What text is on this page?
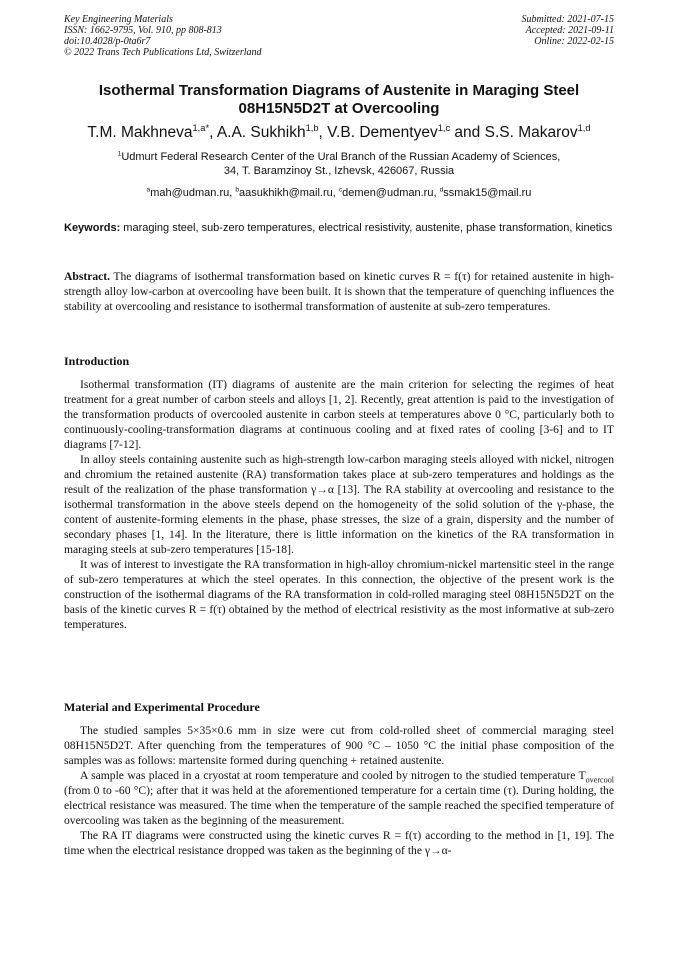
Key Engineering Materials
ISSN: 1662-9795, Vol. 910, pp 808-813
doi:10.4028/p-0ta6r7
© 2022 Trans Tech Publications Ltd, Switzerland
Submitted: 2021-07-15
Accepted: 2021-09-11
Online: 2022-02-15
Isothermal Transformation Diagrams of Austenite in Maraging Steel
08H15N5D2T at Overcooling
T.M. Makhneva$^{1,a*}$, A.A. Sukhikh$^{1,b}$, V.B. Dementyev$^{1,c}$ and S.S. Makarov$^{1,d}$
$^1$Udmurt Federal Research Center of the Ural Branch of the Russian Academy of Sciences,
34, T. Baramzinoy St., Izhevsk, 426067, Russia
$^a$mah@udman.ru, $^b$aasukhikh@mail.ru, $^c$demen@udman.ru, $^d$ssmak15@mail.ru
Keywords: maraging steel, sub-zero temperatures, electrical resistivity, austenite, phase transformation, kinetics

Abstract. The diagrams of isothermal transformation based on kinetic curves R = f(τ) for retained austenite in high-strength alloy low-carbon at overcooling have been built. It is shown that the temperature of quenching influences the stability at overcooling and resistance to isothermal transformation of austenite at sub-zero temperatures.

Introduction

Isothermal transformation (IT) diagrams of austenite are the main criterion for selecting the regimes of heat treatment for a great number of carbon steels and alloys [1, 2]. Recently, great attention is paid to the investigation of the transformation products of overcooled austenite in carbon steels at temperatures above 0 °C, particularly both to continuously-cooling-transformation diagrams at continuous cooling and at fixed rates of cooling [3-6] and to IT diagrams [7-12].

In alloy steels containing austenite such as high-strength low-carbon maraging steels alloyed with nickel, nitrogen and chromium the retained austenite (RA) transformation takes place at sub-zero temperatures and holdings as the result of the realization of the phase transformation γ→α [13]. The RA stability at overcooling and resistance to the isothermal transformation in the above steels depend on the homogeneity of the solid solution of the γ-phase, the content of austenite-forming elements in the phase, phase stresses, the size of a grain, dispersity and the number of secondary phases [1, 14]. In the literature, there is little information on the kinetics of the RA transformation in maraging steels at sub-zero temperatures [15-18].

It was of interest to investigate the RA transformation in high-alloy chromium-nickel martensitic steel in the range of sub-zero temperatures at which the steel operates. In this connection, the objective of the present work is the construction of the isothermal diagrams of the RA transformation in cold-rolled maraging steel 08H15N5D2T on the basis of the kinetic curves R = f(τ) obtained by the method of electrical resistivity as the most informative at sub-zero temperatures.

Material and Experimental Procedure

The studied samples 5×35×0.6 mm in size were cut from cold-rolled sheet of commercial maraging steel 08H15N5D2T. After quenching from the temperatures of 900 °C – 1050 °C the initial phase composition of the samples was as follows: martensite formed during quenching + retained austenite.

A sample was placed in a cryostat at room temperature and cooled by nitrogen to the studied temperature $T_{overcool}$ (from 0 to -60 °C); after that it was held at the aforementioned temperature for a certain time (τ). During holding, the electrical resistance was measured. The time when the temperature of the sample reached the specified temperature of overcooling was taken as the beginning of the measurement.

The RA IT diagrams were constructed using the kinetic curves R = f(τ) according to the method in [1, 19]. The time when the electrical resistance dropped was taken as the beginning of the γ→α-
